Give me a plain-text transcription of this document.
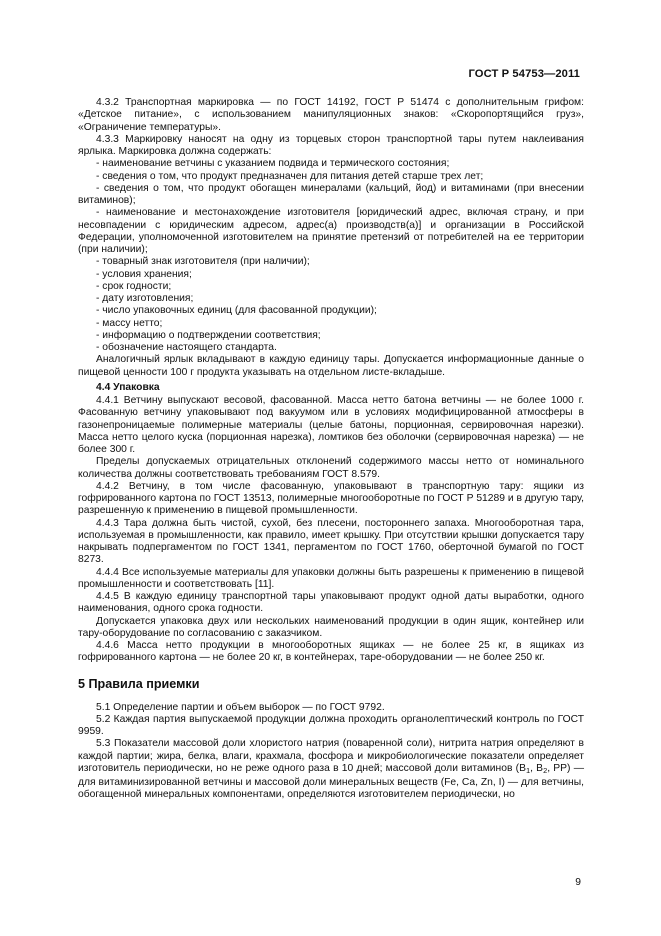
ГОСТ Р 54753—2011

4.3.2 Транспортная маркировка — по ГОСТ 14192, ГОСТ Р 51474 с дополнительным грифом: «Детское питание», с использованием манипуляционных знаков: «Скоропортящийся груз», «Ограничение температуры».

4.3.3 Маркировку наносят на одну из торцевых сторон транспортной тары путем наклеивания ярлыка. Маркировка должна содержать:

- наименование ветчины с указанием подвида и термического состояния;

- сведения о том, что продукт предназначен для питания детей старше трех лет;

- сведения о том, что продукт обогащен минералами (кальций, йод) и витаминами (при внесении витаминов);

- наименование и местонахождение изготовителя [юридический адрес, включая страну, и при несовпадении с юридическим адресом, адрес(а) производств(а)] и организации в Российской Федерации, уполномоченной изготовителем на принятие претензий от потребителей на ее территории (при наличии);

- товарный знак изготовителя (при наличии);

- условия хранения;

- срок годности;

- дату изготовления;

- число упаковочных единиц (для фасованной продукции);

- массу нетто;

- информацию о подтверждении соответствия;

- обозначение настоящего стандарта.

Аналогичный ярлык вкладывают в каждую единицу тары. Допускается информационные данные о пищевой ценности 100 г продукта указывать на отдельном листе-вкладыше.

4.4 Упаковка

4.4.1 Ветчину выпускают весовой, фасованной. Масса нетто батона ветчины — не более 1000 г. Фасованную ветчину упаковывают под вакуумом или в условиях модифицированной атмосферы в газонепроницаемые полимерные материалы (целые батоны, порционная, сервировочная нарезки). Масса нетто целого куска (порционная нарезка), ломтиков без оболочки (сервировочная нарезка) — не более 300 г.

Пределы допускаемых отрицательных отклонений содержимого массы нетто от номинального количества должны соответствовать требованиям ГОСТ 8.579.

4.4.2 Ветчину, в том числе фасованную, упаковывают в транспортную тару: ящики из гофрированного картона по ГОСТ 13513, полимерные многооборотные по ГОСТ Р 51289 и в другую тару, разрешенную к применению в пищевой промышленности.

4.4.3 Тара должна быть чистой, сухой, без плесени, постороннего запаха. Многооборотная тара, используемая в промышленности, как правило, имеет крышку. При отсутствии крышки допускается тару накрывать подпергаментом по ГОСТ 1341, пергаментом по ГОСТ 1760, оберточной бумагой по ГОСТ 8273.

4.4.4 Все используемые материалы для упаковки должны быть разрешены к применению в пищевой промышленности и соответствовать [11].

4.4.5 В каждую единицу транспортной тары упаковывают продукт одной даты выработки, одного наименования, одного срока годности.

Допускается упаковка двух или нескольких наименований продукции в один ящик, контейнер или тару-оборудование по согласованию с заказчиком.

4.4.6 Масса нетто продукции в многооборотных ящиках — не более 25 кг, в ящиках из гофрированного картона — не более 20 кг, в контейнерах, таре-оборудовании — не более 250 кг.

5 Правила приемки

5.1 Определение партии и объем выборок — по ГОСТ 9792.

5.2 Каждая партия выпускаемой продукции должна проходить органолептический контроль по ГОСТ 9959.

5.3 Показатели массовой доли хлористого натрия (поваренной соли), нитрита натрия определяют в каждой партии; жира, белка, влаги, крахмала, фосфора и микробиологические показатели определяет изготовитель периодически, но не реже одного раза в 10 дней; массовой доли витаминов ($B_1$, $B_2$, PP) — для витаминизированной ветчины и массовой доли минеральных веществ (Fe, Ca, Zn, I) — для ветчины, обогащенной минеральных компонентами, определяются изготовителем периодически, но

9
